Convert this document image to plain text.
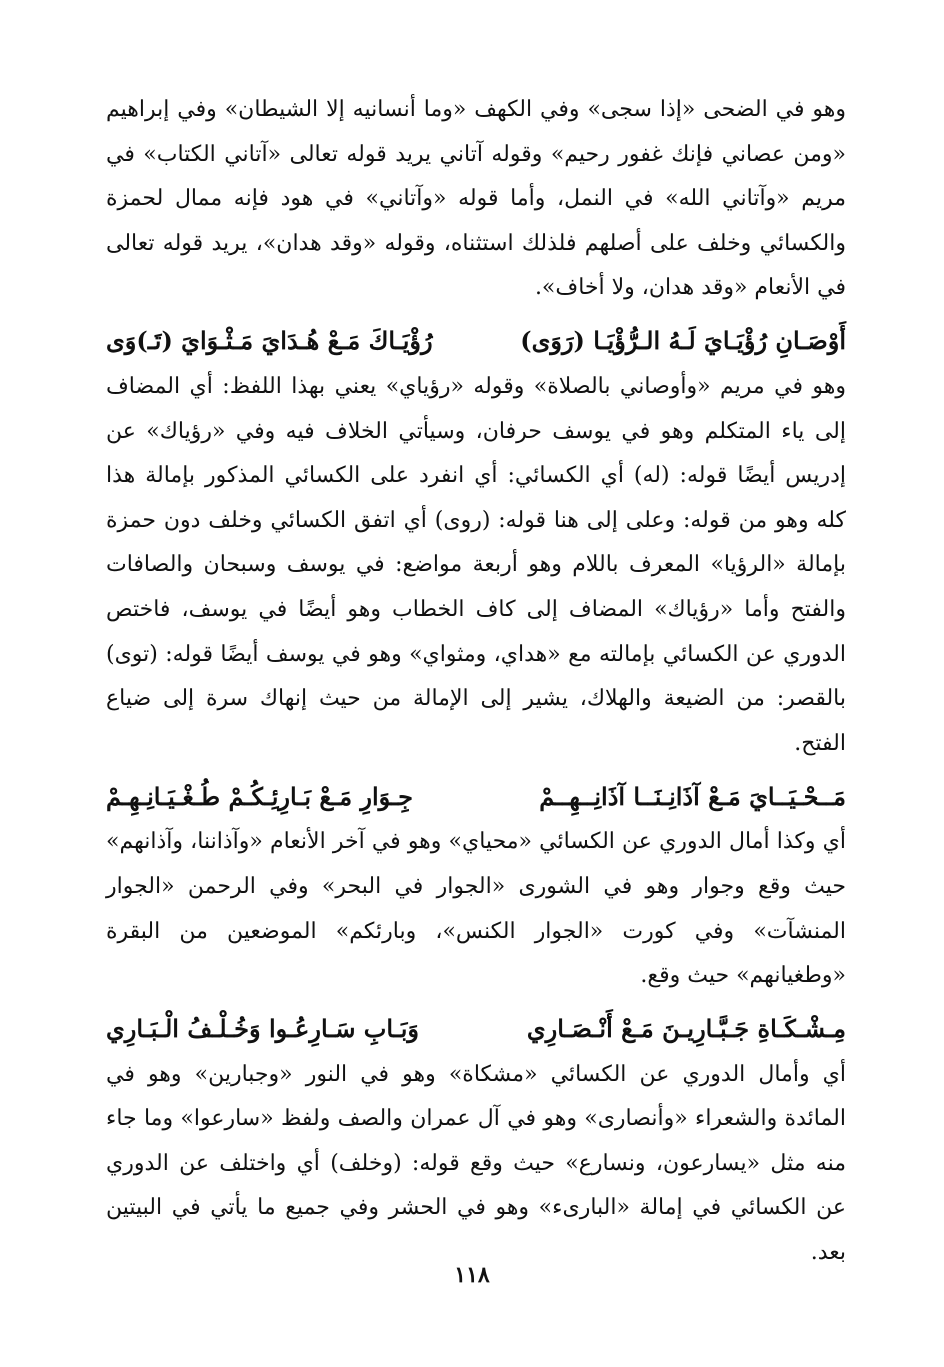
وهو في الضحى «إذا سجى» وفي الكهف «وما أنسانيه إلا الشيطان» وفي إبراهيم «ومن عصاني فإنك غفور رحيم» وقوله آتاني يريد قوله تعالى «آتاني الكتاب» في مريم «وآتاني الله» في النمل، وأما قوله «وآتاني» في هود فإنه ممال لحمزة والكسائي وخلف على أصلهم فلذلك استثناه، وقوله «وقد هدان»، يريد قوله تعالى في الأنعام «وقد هدان، ولا أخاف».

أَوْصَـانِ رُؤْيَـايَ لَـهُ الـرُّؤْيَـا (رَوَى)
رُؤْيَـاكَ مَـعْ هُـدَايَ مَـثْـوَايَ (تَـ)وَى

وهو في مريم «وأوصاني بالصلاة» وقوله «رؤياي» يعني بهذا اللفظ: أي المضاف إلى ياء المتكلم وهو في يوسف حرفان، وسيأتي الخلاف فيه وفي «رؤياك» عن إدريس أيضًا قوله: (له) أي الكسائي: أي انفرد على الكسائي المذكور بإمالة هذا كله وهو من قوله: وعلى إلى هنا قوله: (روى) أي اتفق الكسائي وخلف دون حمزة بإمالة «الرؤيا» المعرف باللام وهو أربعة مواضع: في يوسف وسبحان والصافات والفتح وأما «رؤياك» المضاف إلى كاف الخطاب وهو أيضًا في يوسف، فاختص الدوري عن الكسائي بإمالته مع «هداي، ومثواي» وهو في يوسف أيضًا قوله: (توى) بالقصر: من الضيعة والهلاك، يشير إلى الإمالة من حيث إنهاك سرة إلى ضياع الفتح.

مَــحْـيَــايَ مَـعْ آذَانِـنَــا آذَانِــهِــمْ
جِـوَارِ مَـعْ بَـارِئِـكُـمْ طُـغْـيَـانِـهِـمْ

أي وكذا أمال الدوري عن الكسائي «محياي» وهو في آخر الأنعام «وآذاننا، وآذانهم» حيث وقع وجوار وهو في الشورى «الجوار في البحر» وفي الرحمن «الجوار المنشآت» وفي كورت «الجوار الكنس»، وبارئكم» الموضعين من البقرة «وطغيانهم» حيث وقع.

مِـشْـكَـاةِ جَـبَّـارِيـنَ مَـعْ أَنْـصَـارِي
وَبَـابِ سَـارِعُـوا وَخُـلْـفُ الْـبَـارِي

أي وأمال الدوري عن الكسائي «مشكاة» وهو في النور «وجبارين» وهو في المائدة والشعراء «وأنصارى» وهو في آل عمران والصف ولفظ «سارعوا» وما جاء منه مثل «يسارعون، ونسارع» حيث وقع قوله: (وخلف) أي واختلف عن الدوري عن الكسائي في إمالة «البارىء» وهو في الحشر وفي جميع ما يأتي في البيتين بعد.

١١٨
